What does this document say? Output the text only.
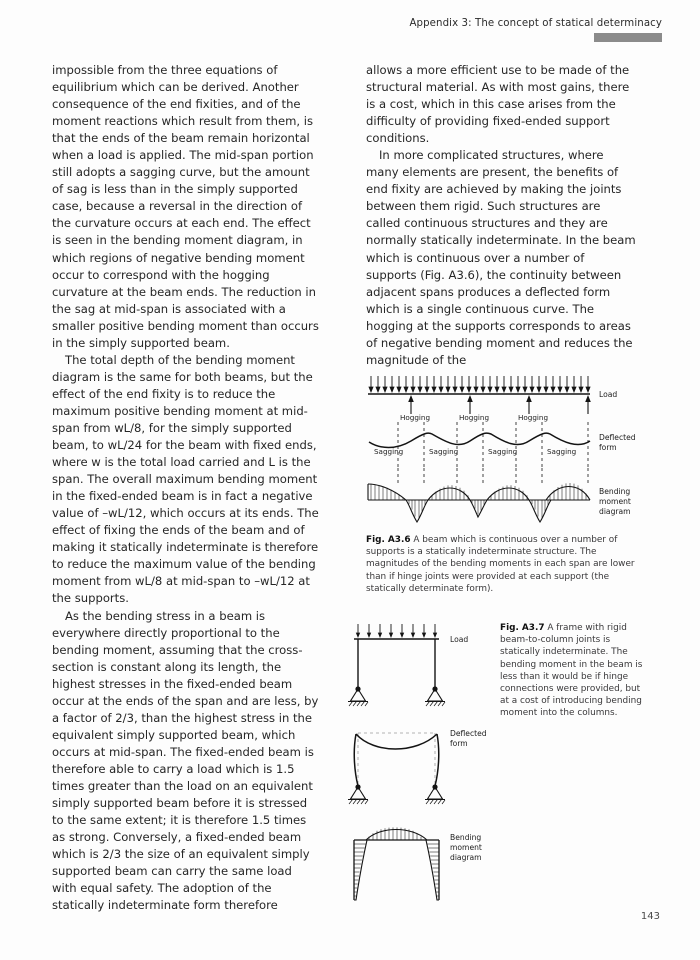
Appendix 3: The concept of statical determinacy

impossible from the three equations of equilibrium which can be derived. Another consequence of the end fixities, and of the moment reactions which result from them, is that the ends of the beam remain horizontal when a load is applied. The mid-span portion still adopts a sagging curve, but the amount of sag is less than in the simply supported case, because a reversal in the direction of the curvature occurs at each end. The effect is seen in the bending moment diagram, in which regions of negative bending moment occur to correspond with the hogging curvature at the beam ends. The reduction in the sag at mid-span is associated with a smaller positive bending moment than occurs in the simply supported beam.

The total depth of the bending moment diagram is the same for both beams, but the effect of the end fixity is to reduce the maximum positive bending moment at mid-span from wL/8, for the simply supported beam, to wL/24 for the beam with fixed ends, where w is the total load carried and L is the span. The overall maximum bending moment in the fixed-ended beam is in fact a negative value of –wL/12, which occurs at its ends. The effect of fixing the ends of the beam and of making it statically indeterminate is therefore to reduce the maximum value of the bending moment from wL/8 at mid-span to –wL/12 at the supports.

As the bending stress in a beam is everywhere directly proportional to the bending moment, assuming that the cross-section is constant along its length, the highest stresses in the fixed-ended beam occur at the ends of the span and are less, by a factor of 2/3, than the highest stress in the equivalent simply supported beam, which occurs at mid-span. The fixed-ended beam is therefore able to carry a load which is 1.5 times greater than the load on an equivalent simply supported beam before it is stressed to the same extent; it is therefore 1.5 times as strong. Conversely, a fixed-ended beam which is 2/3 the size of an equivalent simply supported beam can carry the same load with equal safety. The adoption of the statically indeterminate form therefore

allows a more efficient use to be made of the structural material. As with most gains, there is a cost, which in this case arises from the difficulty of providing fixed-ended support conditions.

In more complicated structures, where many elements are present, the benefits of end fixity are achieved by making the joints between them rigid. Such structures are called continuous structures and they are normally statically indeterminate. In the beam which is continuous over a number of supports (Fig. A3.6), the continuity between adjacent spans produces a deflected form which is a single continuous curve. The hogging at the supports corresponds to areas of negative bending moment and reduces the magnitude of the

Load
Deflected
form
Bending
moment
diagram
Hogging	Hogging	Hogging
Sagging	Sagging	Sagging	Sagging
Fig. A3.6 A beam which is continuous over a number of supports is a statically indeterminate structure. The magnitudes of the bending moments in each span are lower than if hinge joints were provided at each support (the statically determinate form).
Load
Deflected
form
Bending
moment
diagram
Fig. A3.7 A frame with rigid beam-to-column joints is statically indeterminate. The bending moment in the beam is less than it would be if hinge connections were provided, but at a cost of introducing bending moment into the columns.
143
